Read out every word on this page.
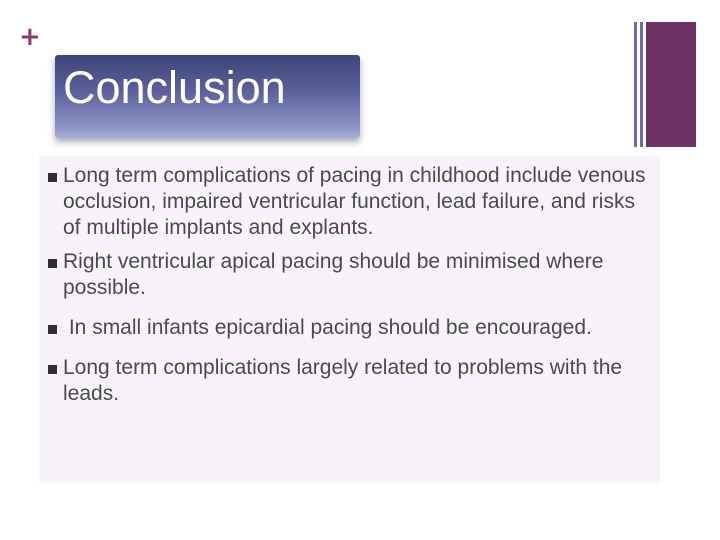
+
Conclusion
Long term complications of pacing in childhood include venous occlusion, impaired ventricular function, lead failure, and risks of multiple implants and explants.
Right ventricular apical pacing should be minimised where possible.
In small infants epicardial pacing should be encouraged.
Long term complications largely related to problems with the leads.
